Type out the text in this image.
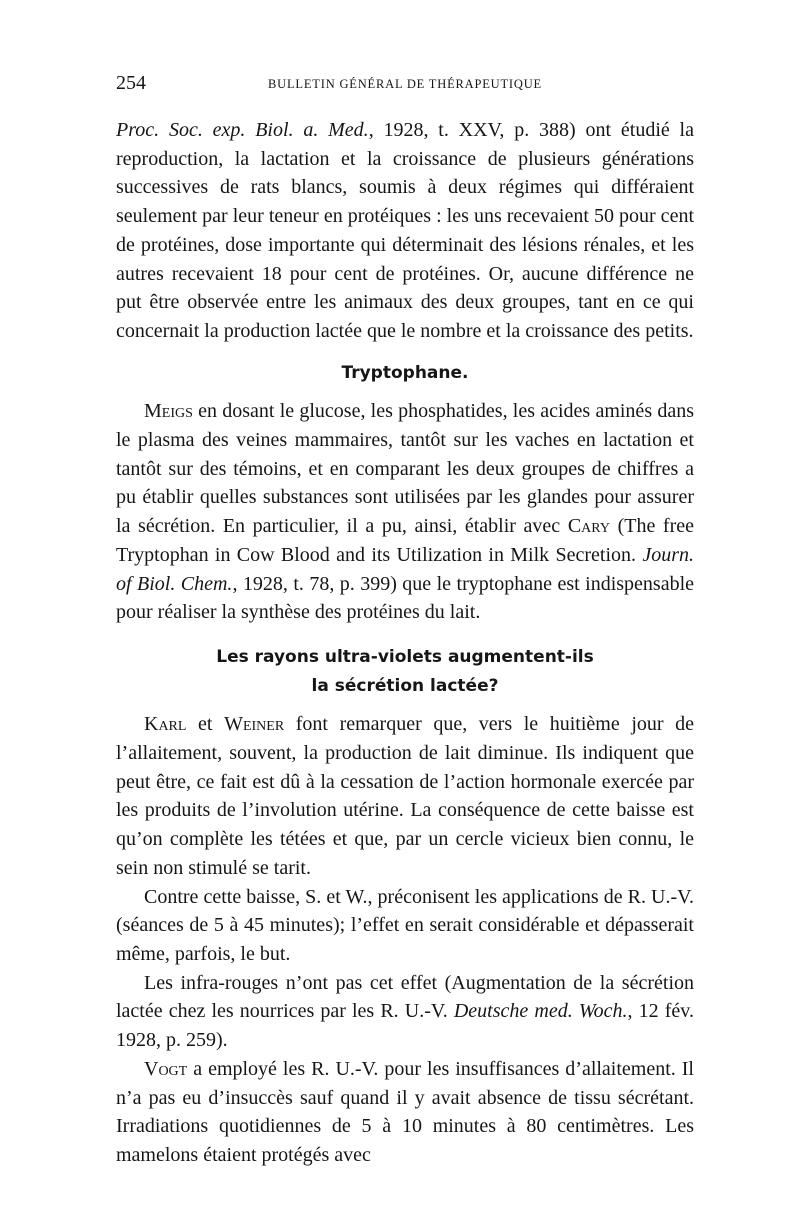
254	BULLETIN GÉNÉRAL DE THÉRAPEUTIQUE

Proc. Soc. exp. Biol. a. Med., 1928, t. XXV, p. 388) ont étudié la reproduction, la lactation et la croissance de plusieurs générations successives de rats blancs, soumis à deux régimes qui différaient seulement par leur teneur en protéiques : les uns recevaient 50 pour cent de protéines, dose importante qui déterminait des lésions rénales, et les autres recevaient 18 pour cent de protéines. Or, aucune différence ne put être observée entre les animaux des deux groupes, tant en ce qui concernait la production lactée que le nombre et la croissance des petits.

Tryptophane.

Meigs en dosant le glucose, les phosphatides, les acides aminés dans le plasma des veines mammaires, tantôt sur les vaches en lactation et tantôt sur des témoins, et en comparant les deux groupes de chiffres a pu établir quelles substances sont utilisées par les glandes pour assurer la sécrétion. En particulier, il a pu, ainsi, établir avec Cary (The free Tryptophan in Cow Blood and its Utilization in Milk Secretion. Journ. of Biol. Chem., 1928, t. 78, p. 399) que le tryptophane est indispensable pour réaliser la synthèse des protéines du lait.

Les rayons ultra-violets augmentent-ils
la sécrétion lactée?

Karl et Weiner font remarquer que, vers le huitième jour de l’allaitement, souvent, la production de lait diminue. Ils indiquent que peut être, ce fait est dû à la cessation de l’action hormonale exercée par les produits de l’involution utérine. La conséquence de cette baisse est qu’on complète les tétées et que, par un cercle vicieux bien connu, le sein non stimulé se tarit.

Contre cette baisse, S. et W., préconisent les applications de R. U.-V. (séances de 5 à 45 minutes); l’effet en serait considérable et dépasserait même, parfois, le but.

Les infra-rouges n’ont pas cet effet (Augmentation de la sécrétion lactée chez les nourrices par les R. U.-V. Deutsche med. Woch., 12 fév. 1928, p. 259).

Vogt a employé les R. U.-V. pour les insuffisances d’allaitement. Il n’a pas eu d’insuccès sauf quand il y avait absence de tissu sécrétant. Irradiations quotidiennes de 5 à 10 minutes à 80 centimètres. Les mamelons étaient protégés avec
